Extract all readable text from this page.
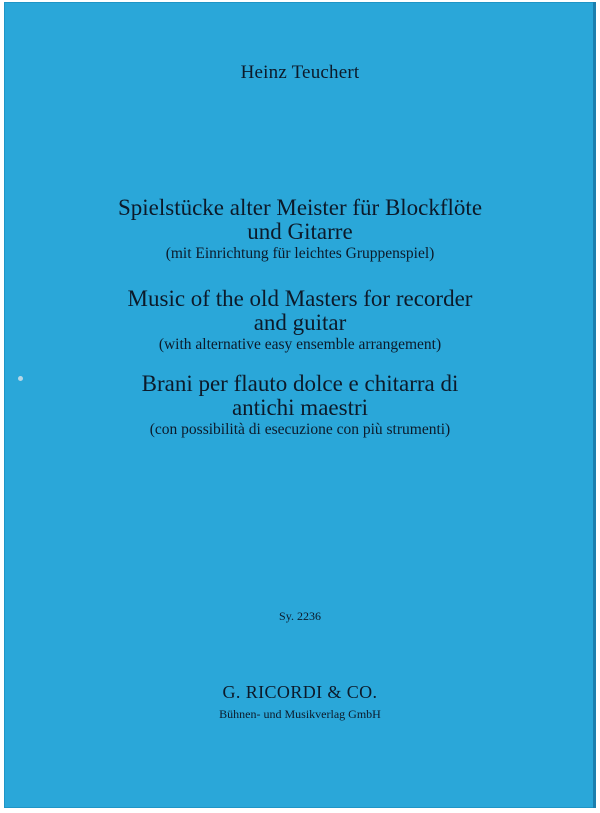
Heinz Teuchert
Spielstücke alter Meister für Blockflöte
und Gitarre
(mit Einrichtung für leichtes Gruppenspiel)
Music of the old Masters for recorder
and guitar
(with alternative easy ensemble arrangement)
Brani per flauto dolce e chitarra di
antichi maestri
(con possibilità di esecuzione con più strumenti)
Sy. 2236
G. RICORDI & CO.
Bühnen- und Musikverlag GmbH
